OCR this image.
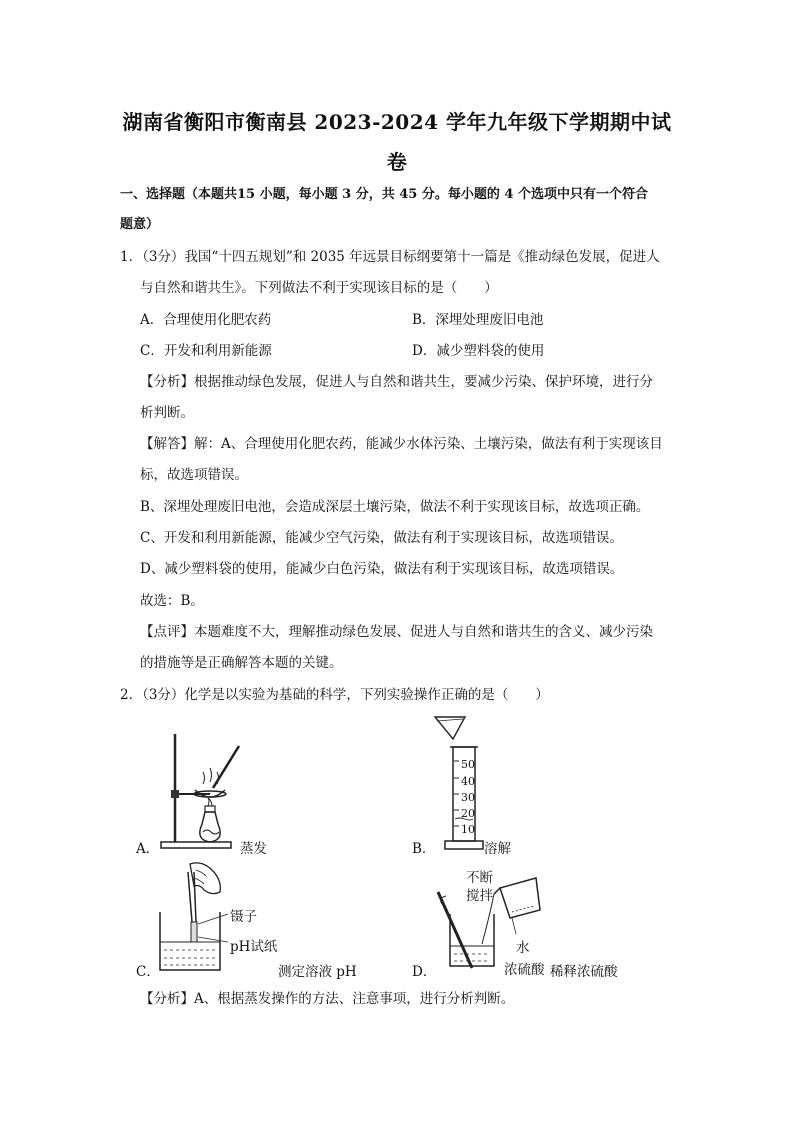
湖南省衡阳市衡南县 2023-2024 学年九年级下学期期中试
卷
一、选择题（本题共15 小题，每小题 3 分，共 45 分。每小题的 4 个选项中只有一个符合
题意）
1．（3分）我国“十四五规划”和 2035 年远景目标纲要第十一篇是《推动绿色发展，促进人
与自然和谐共生》。下列做法不利于实现该目标的是（　　）
A．合理使用化肥农药	B．深埋处理废旧电池
C．开发和利用新能源	D．减少塑料袋的使用
【分析】根据推动绿色发展，促进人与自然和谐共生，要减少污染、保护环境，进行分
析判断。
【解答】解：A、合理使用化肥农药，能减少水体污染、土壤污染，做法有利于实现该目
标，故选项错误。
B、深埋处理废旧电池，会造成深层土壤污染，做法不利于实现该目标，故选项正确。
C、开发和利用新能源，能减少空气污染，做法有利于实现该目标，故选项错误。
D、减少塑料袋的使用，能减少白色污染，做法有利于实现该目标，故选项错误。
故选：B。
【点评】本题难度不大，理解推动绿色发展、促进人与自然和谐共生的含义、减少污染
的措施等是正确解答本题的关键。
2．（3分）化学是以实验为基础的科学，下列实验操作正确的是（　　）
A．	蒸发
50
40
30
20
10
B．	溶解
镊子
pH试纸
C．	测定溶液 pH
不断
搅拌
水
浓硫酸
D．	稀释浓硫酸
【分析】A、根据蒸发操作的方法、注意事项，进行分析判断。
